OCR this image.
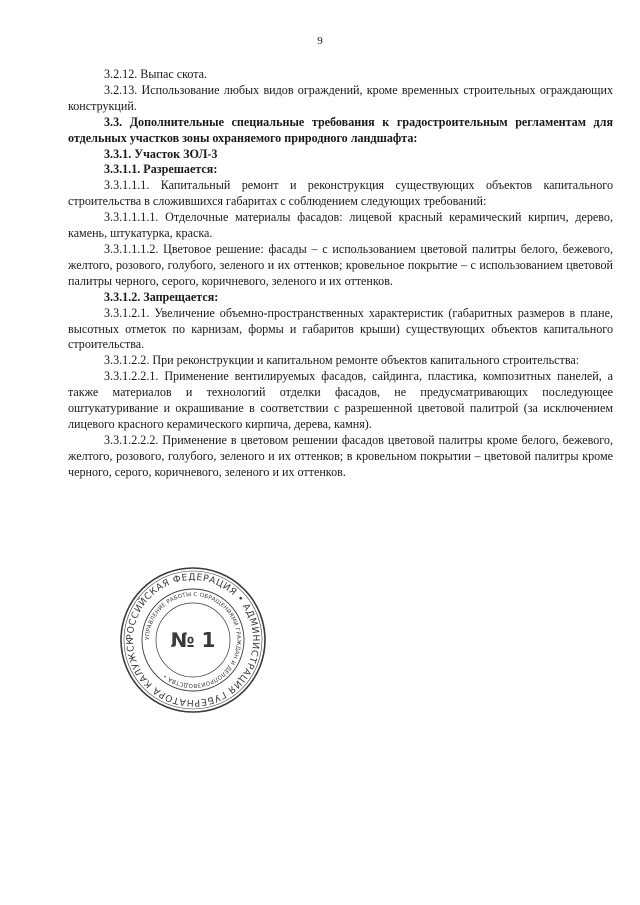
9

3.2.12. Выпас скота.

3.2.13. Использование любых видов ограждений, кроме временных строительных ограждающих конструкций.

3.3. Дополнительные специальные требования к градостроительным регламентам для отдельных участков зоны охраняемого природного ландшафта:

3.3.1. Участок ЗОЛ-3

3.3.1.1. Разрешается:

3.3.1.1.1. Капитальный ремонт и реконструкция существующих объектов капитального строительства в сложившихся габаритах с соблюдением следующих требований:

3.3.1.1.1.1. Отделочные материалы фасадов: лицевой красный керамический кирпич, дерево, камень, штукатурка, краска.

3.3.1.1.1.2. Цветовое решение: фасады – с использованием цветовой палитры белого, бежевого, желтого, розового, голубого, зеленого и их оттенков; кровельное покрытие – с использованием цветовой палитры черного, серого, коричневого, зеленого и их оттенков.

3.3.1.2. Запрещается:

3.3.1.2.1. Увеличение объемно-пространственных характеристик (габаритных размеров в плане, высотных отметок по карнизам, формы и габаритов крыши) существующих объектов капитального строительства.

3.3.1.2.2. При реконструкции и капитальном ремонте объектов капитального строительства:

3.3.1.2.2.1. Применение вентилируемых фасадов, сайдинга, пластика, композитных панелей, а также материалов и технологий отделки фасадов, не предусматривающих последующее оштукатуривание и окрашивание в соответствии с разрешенной цветовой палитрой (за исключением лицевого красного керамического кирпича, дерева, камня).

3.3.1.2.2.2. Применение в цветовом решении фасадов цветовой палитры кроме белого, бежевого, желтого, розового, голубого, зеленого и их оттенков; в кровельном покрытии – цветовой палитры кроме черного, серого, коричневого, зеленого и их оттенков.

РОССИЙСКАЯ ФЕДЕРАЦИЯ • АДМИНИСТРАЦИЯ ГУБЕРНАТОРА КАЛУЖСК	УПРАВЛЕНИЕ РАБОТЫ С ОБРАЩЕНИЯМИ ГРАЖДАН И ДЕЛОПРОИЗВОДСТВА •
№ 1
